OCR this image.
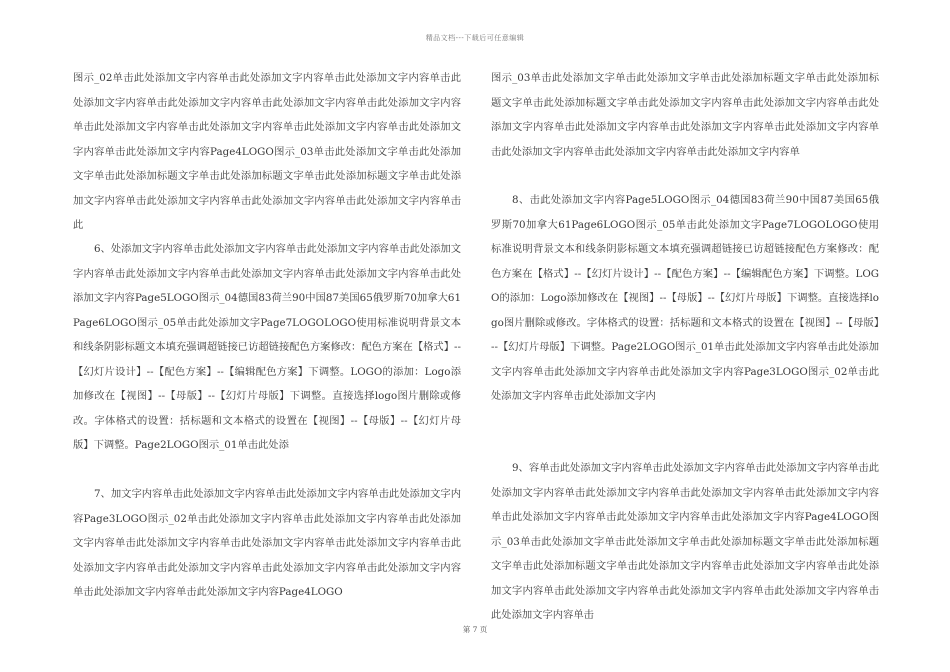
精品文档---下载后可任意编辑

图示_02单击此处添加文字内容单击此处添加文字内容单击此处添加文字内容单击此处添加文字内容单击此处添加文字内容单击此处添加文字内容单击此处添加文字内容单击此处添加文字内容单击此处添加文字内容单击此处添加文字内容单击此处添加文字内容单击此处添加文字内容Page4LOGO图示_03单击此处添加文字单击此处添加文字单击此处添加标题文字单击此处添加标题文字单击此处添加标题文字单击此处添加文字内容单击此处添加文字内容单击此处添加文字内容单击此处添加文字内容单击此

6、处添加文字内容单击此处添加文字内容单击此处添加文字内容单击此处添加文字内容单击此处添加文字内容单击此处添加文字内容单击此处添加文字内容单击此处添加文字内容Page5LOGO图示_04德国83荷兰90中国87美国65俄罗斯70加拿大61Page6LOGO图示_05单击此处添加文字Page7LOGOLOGO使用标准说明背景文本和线条阴影标题文本填充强调超链接已访超链接配色方案修改：配色方案在【格式】--【幻灯片设计】--【配色方案】--【编辑配色方案】下调整。LOGO的添加：Logo添加修改在【视图】--【母版】--【幻灯片母版】下调整。直接选择logo图片删除或修改。字体格式的设置：括标题和文本格式的设置在【视图】--【母版】--【幻灯片母版】下调整。Page2LOGO图示_01单击此处添

7、加文字内容单击此处添加文字内容单击此处添加文字内容单击此处添加文字内容Page3LOGO图示_02单击此处添加文字内容单击此处添加文字内容单击此处添加文字内容单击此处添加文字内容单击此处添加文字内容单击此处添加文字内容单击此处添加文字内容单击此处添加文字内容单击此处添加文字内容单击此处添加文字内容单击此处添加文字内容单击此处添加文字内容Page4LOGO

图示_03单击此处添加文字单击此处添加文字单击此处添加标题文字单击此处添加标题文字单击此处添加标题文字单击此处添加文字内容单击此处添加文字内容单击此处添加文字内容单击此处添加文字内容单击此处添加文字内容单击此处添加文字内容单击此处添加文字内容单击此处添加文字内容单击此处添加文字内容单

8、击此处添加文字内容Page5LOGO图示_04德国83荷兰90中国87美国65俄罗斯70加拿大61Page6LOGO图示_05单击此处添加文字Page7LOGOLOGO使用标准说明背景文本和线条阴影标题文本填充强调超链接已访超链接配色方案修改：配色方案在【格式】--【幻灯片设计】--【配色方案】--【编辑配色方案】下调整。LOGO的添加：Logo添加修改在【视图】--【母版】--【幻灯片母版】下调整。直接选择logo图片删除或修改。字体格式的设置：括标题和文本格式的设置在【视图】--【母版】--【幻灯片母版】下调整。Page2LOGO图示_01单击此处添加文字内容单击此处添加文字内容单击此处添加文字内容单击此处添加文字内容Page3LOGO图示_02单击此处添加文字内容单击此处添加文字内

9、容单击此处添加文字内容单击此处添加文字内容单击此处添加文字内容单击此处添加文字内容单击此处添加文字内容单击此处添加文字内容单击此处添加文字内容单击此处添加文字内容单击此处添加文字内容单击此处添加文字内容Page4LOGO图示_03单击此处添加文字单击此处添加文字单击此处添加标题文字单击此处添加标题文字单击此处添加标题文字单击此处添加文字内容单击此处添加文字内容单击此处添加文字内容单击此处添加文字内容单击此处添加文字内容单击此处添加文字内容单击此处添加文字内容单击

第 7 页
